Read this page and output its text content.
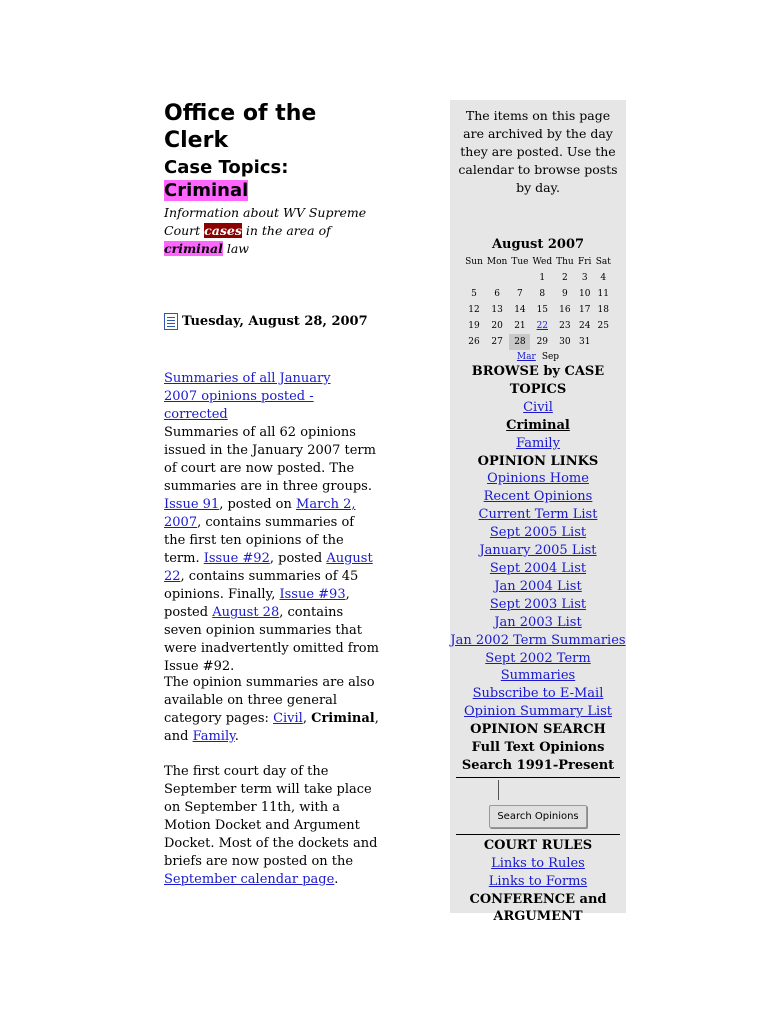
Office of the Clerk
Case Topics:
Criminal
Information about WV Supreme Court cases in the area of criminal law
Tuesday, August 28, 2007
Summaries of all January 2007 opinions posted - corrected
Summaries of all 62 opinions issued in the January 2007 term of court are now posted. The summaries are in three groups. Issue 91, posted on March 2, 2007, contains summaries of the first ten opinions of the term. Issue #92, posted August 22, contains summaries of 45 opinions. Finally, Issue #93, posted August 28, contains seven opinion summaries that were inadvertently omitted from Issue #92.
The opinion summaries are also available on three general category pages: Civil, Criminal, and Family.
The first court day of the September term will take place on September 11th, with a Motion Docket and Argument Docket. Most of the dockets and briefs are now posted on the September calendar page.
The items on this page are archived by the day they are posted. Use the calendar to browse posts by day.
August 2007
Sun	Mon	Tue	Wed	Thu	Fri	Sat
			1	2	3	4
5	6	7	8	9	10	11
12	13	14	15	16	17	18
19	20	21	22	23	24	25
26	27	28	29	30	31	
Mar Sep
BROWSE by CASE TOPICS
Civil
Criminal
Family
OPINION LINKS
Opinions Home
Recent Opinions
Current Term List
Sept 2005 List
January 2005 List
Sept 2004 List
Jan 2004 List
Sept 2003 List
Jan 2003 List
Jan 2002 Term Summaries
Sept 2002 Term Summaries
Subscribe to E-Mail
Opinion Summary List
OPINION SEARCH
Full Text Opinions
Search 1991-Present
Search Opinions
COURT RULES
Links to Rules
Links to Forms
CONFERENCE and ARGUMENT
